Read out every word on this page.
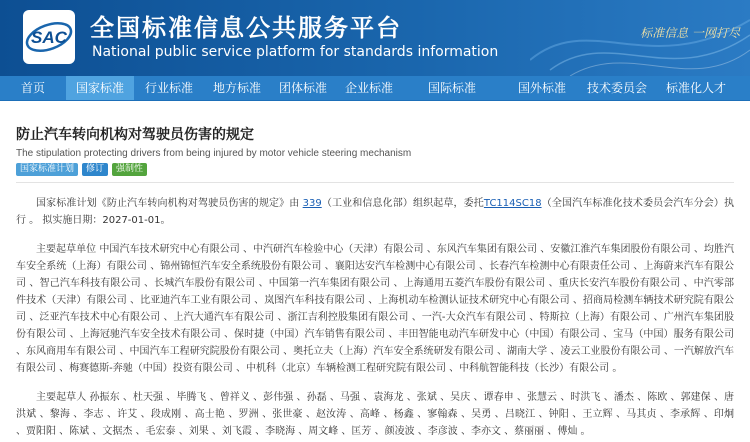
SAC 全国标准信息公共服务平台
National public service platform for standards information
标准信息 一网打尽
首页	国家标准	行业标准	地方标准	团体标准	企业标准	国际标准	国外标准	技术委员会	标准化人才
防止汽车转向机构对驾驶员伤害的规定
The stipulation protecting drivers from being injured by motor vehicle steering mechanism
国家标准计划	修订	强制性

国家标准计划《防止汽车转向机构对驾驶员伤害的规定》由 339（工业和信息化部）组织起草，委托TC114SC18（全国汽车标准化技术委员会汽车分会）执行 。 拟实施日期：2027-01-01。

主要起草单位 中国汽车技术研究中心有限公司 、中汽研汽车检验中心（天津）有限公司 、东风汽车集团有限公司 、安徽江淮汽车集团股份有限公司 、均胜汽车安全系统（上海）有限公司 、锦州锦恒汽车安全系统股份有限公司 、襄阳达安汽车检测中心有限公司 、长春汽车检测中心有限责任公司 、上海蔚来汽车有限公司 、智己汽车科技有限公司 、长城汽车股份有限公司 、中国第一汽车集团有限公司 、上海通用五菱汽车股份有限公司 、重庆长安汽车股份有限公司 、中汽零部件技术（天津）有限公司 、比亚迪汽车工业有限公司 、岚图汽车科技有限公司 、上海机动车检测认证技术研究中心有限公司 、招商局检测车辆技术研究院有限公司 、泛亚汽车技术中心有限公司 、上汽大通汽车有限公司 、浙江吉利控股集团有限公司 、一汽-大众汽车有限公司 、特斯拉（上海）有限公司 、广州汽车集团股份有限公司 、上海冠驰汽车安全技术有限公司 、保时捷（中国）汽车销售有限公司 、丰田智能电动汽车研发中心（中国）有限公司 、宝马（中国）服务有限公司 、东风商用车有限公司 、中国汽车工程研究院股份有限公司 、奥托立夫（上海）汽车安全系统研发有限公司 、湖南大学 、凌云工业股份有限公司 、一汽解放汽车有限公司 、梅赛德斯-奔驰（中国）投资有限公司 、中机科（北京）车辆检测工程研究院有限公司 、中科航智能科技（长沙）有限公司 。

主要起草人 孙振东 、杜天强 、毕腾飞 、曾祥义 、彭伟强 、孙磊 、马强 、袁海龙 、张斌 、吴庆 、谭春申 、张慧云 、时洪飞 、潘杰 、陈欧 、郭建保 、唐洪斌 、黎海 、李志 、许艾 、段成刚 、高士艳 、罗洲 、张世豪 、赵汝涛 、高峰 、杨鑫 、寥翰森 、吴勇 、吕晓江 、钟阳 、王立辉 、马其贞 、李承辉 、印炯 、贾阳阳 、陈斌 、文据杰 、毛宏泰 、刘果 、刘飞霞 、李晓海 、周文峰 、匡芳 、颜凌波 、李彦波 、李亦文 、蔡丽丽 、傅灿 。
